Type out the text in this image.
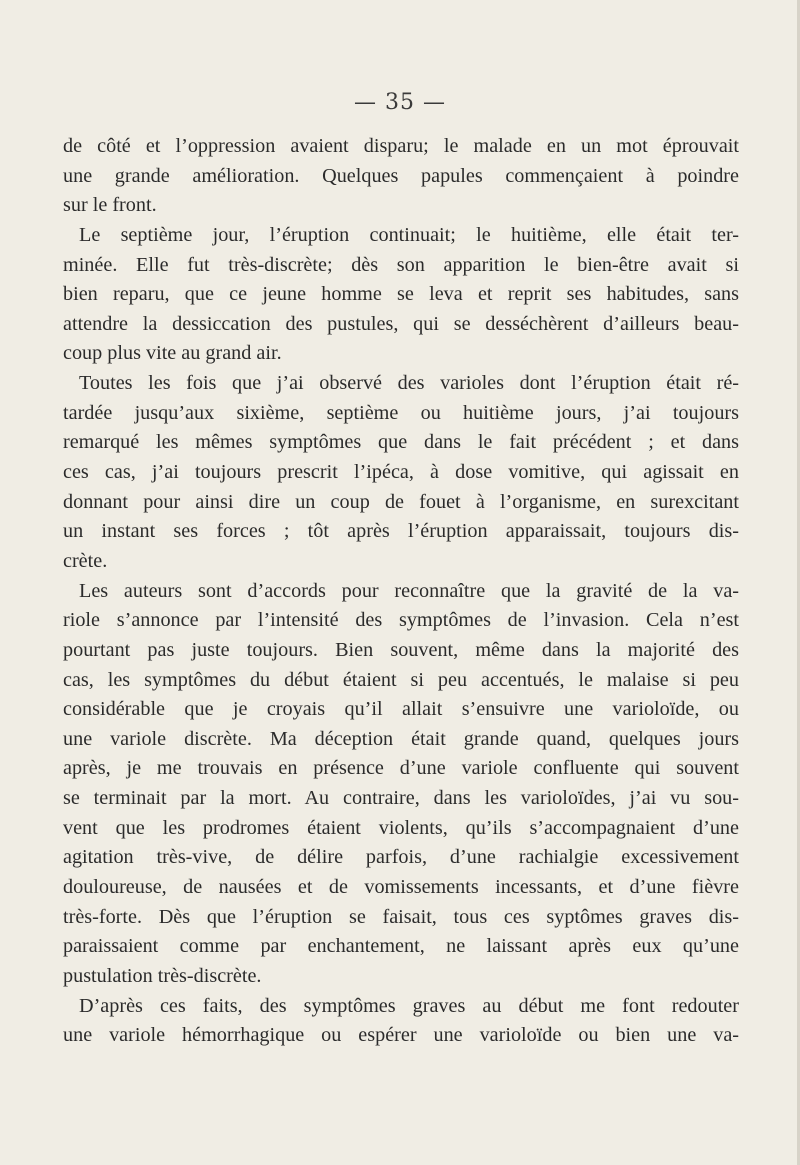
— 35 —
de côté et l’oppression avaient disparu; le malade en un mot éprouvait
une grande amélioration. Quelques papules commençaient à poindre
sur le front.
Le septième jour, l’éruption continuait; le huitième, elle était ter-
minée. Elle fut très-discrète; dès son apparition le bien-être avait si
bien reparu, que ce jeune homme se leva et reprit ses habitudes, sans
attendre la dessiccation des pustules, qui se desséchèrent d’ailleurs beau-
coup plus vite au grand air.
Toutes les fois que j’ai observé des varioles dont l’éruption était ré-
tardée jusqu’aux sixième, septième ou huitième jours, j’ai toujours
remarqué les mêmes symptômes que dans le fait précédent ; et dans
ces cas, j’ai toujours prescrit l’ipéca, à dose vomitive, qui agissait en
donnant pour ainsi dire un coup de fouet à l’organisme, en surexcitant
un instant ses forces ; tôt après l’éruption apparaissait, toujours dis-
crète.
Les auteurs sont d’accords pour reconnaître que la gravité de la va-
riole s’annonce par l’intensité des symptômes de l’invasion. Cela n’est
pourtant pas juste toujours. Bien souvent, même dans la majorité des
cas, les symptômes du début étaient si peu accentués, le malaise si peu
considérable que je croyais qu’il allait s’ensuivre une varioloïde, ou
une variole discrète. Ma déception était grande quand, quelques jours
après, je me trouvais en présence d’une variole confluente qui souvent
se terminait par la mort. Au contraire, dans les varioloïdes, j’ai vu sou-
vent que les prodromes étaient violents, qu’ils s’accompagnaient d’une
agitation très-vive, de délire parfois, d’une rachialgie excessivement
douloureuse, de nausées et de vomissements incessants, et d’une fièvre
très-forte. Dès que l’éruption se faisait, tous ces syptômes graves dis-
paraissaient comme par enchantement, ne laissant après eux qu’une
pustulation très-discrète.
D’après ces faits, des symptômes graves au début me font redouter
une variole hémorrhagique ou espérer une varioloïde ou bien une va-
